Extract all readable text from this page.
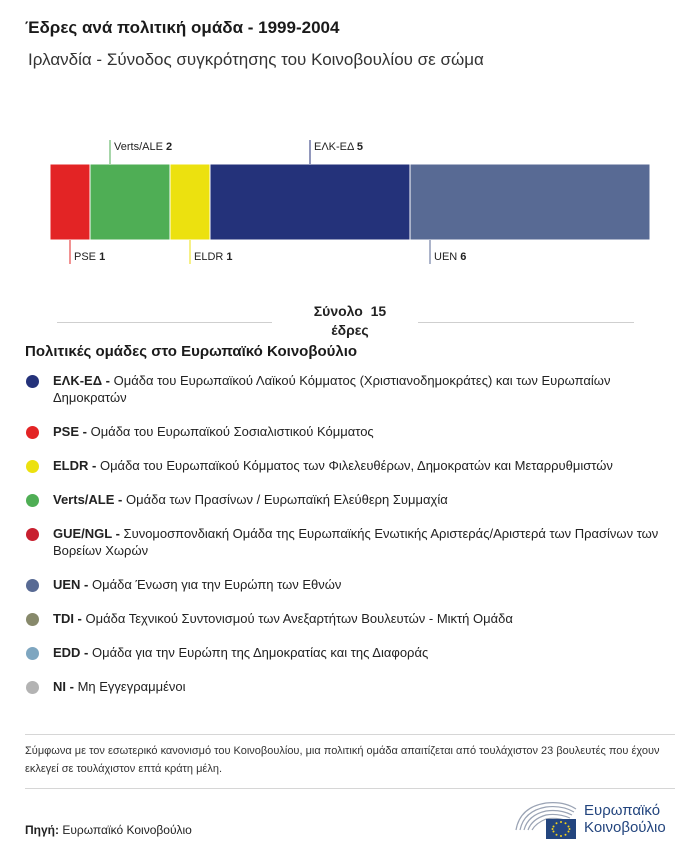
Έδρες ανά πολιτική ομάδα - 1999-2004
Ιρλανδία - Σύνοδος συγκρότησης του Κοινοβουλίου σε σώμα
PSE 1
Verts/ALE 2
ELDR 1
ΕΛΚ-ΕΔ 5
UEN 6
Σύνολο 15
έδρες
Πολιτικές ομάδες στο Ευρωπαϊκό Κοινοβούλιο
ΕΛΚ-ΕΔ - Ομάδα του Ευρωπαϊκού Λαϊκού Κόμματος (Χριστιανοδημοκράτες) και των Ευρωπαίων Δημοκρατών
PSE - Ομάδα του Ευρωπαϊκού Σοσιαλιστικού Κόμματος
ELDR - Ομάδα του Ευρωπαϊκού Κόμματος των Φιλελευθέρων, Δημοκρατών και Μεταρρυθμιστών
Verts/ALE - Ομάδα των Πρασίνων / Ευρωπαϊκή Ελεύθερη Συμμαχία
GUE/NGL - Συνομοσπονδιακή Ομάδα της Ευρωπαϊκής Ενωτικής Αριστεράς/Αριστερά των Πρασίνων των Βορείων Χωρών
UEN - Ομάδα Ένωση για την Ευρώπη των Εθνών
TDI - Ομάδα Τεχνικού Συντονισμού των Ανεξαρτήτων Βουλευτών - Μικτή Ομάδα
EDD - Ομάδα για την Ευρώπη της Δημοκρατίας και της Διαφοράς
NI - Μη Εγγεγραμμένοι
Σύμφωνα με τον εσωτερικό κανονισμό του Κοινοβουλίου, μια πολιτική ομάδα απαιτίζεται από τουλάχιστον 23 βουλευτές που έχουν εκλεγεί σε τουλάχιστον επτά κράτη μέλη.
Πηγή: Ευρωπαϊκό Κοινοβούλιο
Ευρωπαϊκό
Κοινοβούλιο
